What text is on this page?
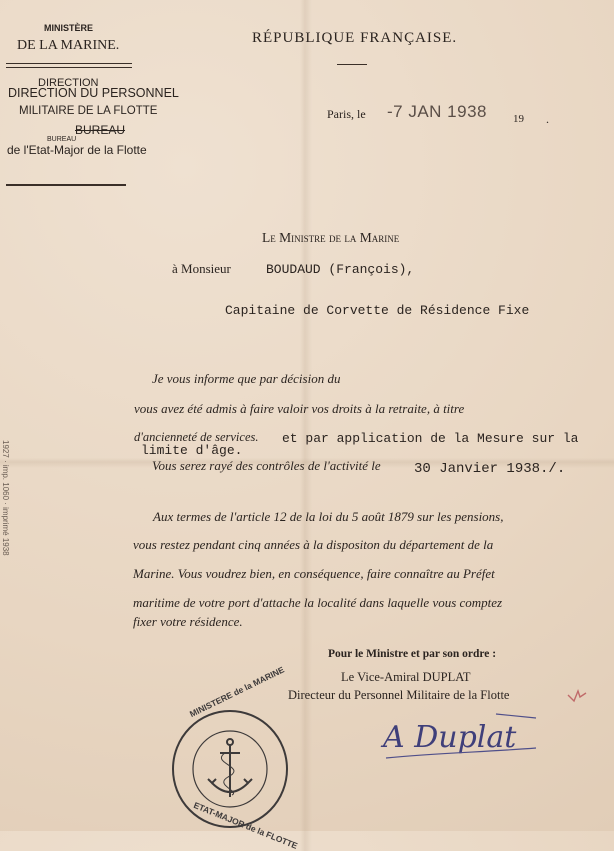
MINISTÈRE
DE LA MARINE.
DIRECTION
DIRECTION DU PERSONNEL
MILITAIRE DE LA FLOTTE
BUREAU
BUREAU
de l'Etat-Major de la Flotte
RÉPUBLIQUE FRANÇAISE.
Paris, le -7 JAN 1938 19 .
Le Ministre de la Marine
à Monsieur	BOUDAUD (François),
Capitaine de Corvette de Résidence Fixe
Je vous informe que par décision du
vous avez été admis à faire valoir vos droits à la retraite, à titre
d'ancienneté de services. et par application de la Mesure sur la
limite d'âge.
Vous serez rayé des contrôles de l'activité le 30 Janvier 1938./.
Aux termes de l'article 12 de la loi du 5 août 1879 sur les pensions,
vous restez pendant cinq années à la dispositon du département de la
Marine. Vous voudrez bien, en conséquence, faire connaître au Préfet
maritime de votre port d'attache la localité dans laquelle vous comptez
fixer votre résidence.
Pour le Ministre et par son ordre :
Le Vice-Amiral DUPLAT
Directeur du Personnel Militaire de la Flotte
A Duplat
MINISTERE de la MARINE
ETAT-MAJOR de la FLOTTE
1927 · imp. 1060 · imprimé 1938
